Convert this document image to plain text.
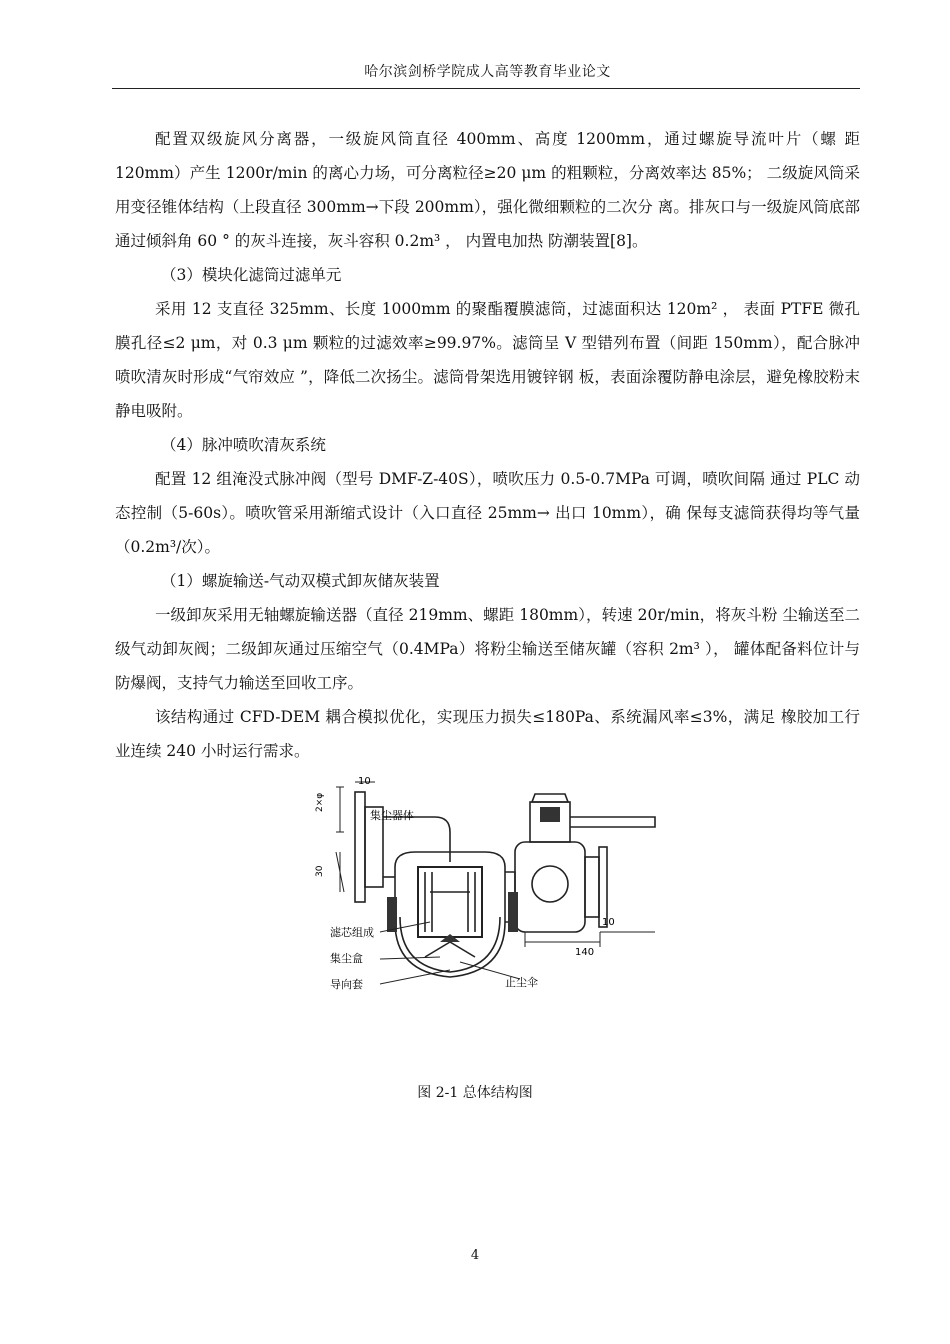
哈尔滨剑桥学院成人高等教育毕业论文

配置双级旋风分离器，一级旋风筒直径 400mm、高度 1200mm，通过螺旋导流叶片（螺 距 120mm）产生 1200r/min 的离心力场，可分离粒径≥20 μm 的粗颗粒，分离效率达 85%； 二级旋风筒采用变径锥体结构（上段直径 300mm→下段 200mm），强化微细颗粒的二次分 离。排灰口与一级旋风筒底部通过倾斜角 60 ° 的灰斗连接，灰斗容积 0.2m³ ， 内置电加热 防潮装置[8]。

（3）模块化滤筒过滤单元

采用 12 支直径 325mm、长度 1000mm 的聚酯覆膜滤筒，过滤面积达 120m² ， 表面 PTFE 微孔膜孔径≤2 μm，对 0.3 μm 颗粒的过滤效率≥99.97%。滤筒呈 V 型错列布置（间距 150mm），配合脉冲喷吹清灰时形成“气帘效应 ”，降低二次扬尘。滤筒骨架选用镀锌钢 板，表面涂覆防静电涂层，避免橡胶粉末静电吸附。

（4）脉冲喷吹清灰系统

配置 12 组淹没式脉冲阀（型号 DMF-Z-40S），喷吹压力 0.5-0.7MPa 可调，喷吹间隔 通过 PLC 动态控制（5-60s）。喷吹管采用渐缩式设计（入口直径 25mm→ 出口 10mm），确 保每支滤筒获得均等气量（0.2m³/次）。

（1）螺旋输送-气动双模式卸灰储灰装置

一级卸灰采用无轴螺旋输送器（直径 219mm、螺距 180mm），转速 20r/min，将灰斗粉 尘输送至二级气动卸灰阀；二级卸灰通过压缩空气（0.4MPa）将粉尘输送至储灰罐（容积 2m³ ）， 罐体配备料位计与防爆阀，支持气力输送至回收工序。

该结构通过 CFD-DEM 耦合模拟优化，实现压力损失≤180Pa、系统漏风率≤3%，满足 橡胶加工行业连续 240 小时运行需求。

10
2×φ
30
集尘器体
滤芯组成
集尘盒
导向套	止尘伞
10
140
图 2-1 总体结构图
4
